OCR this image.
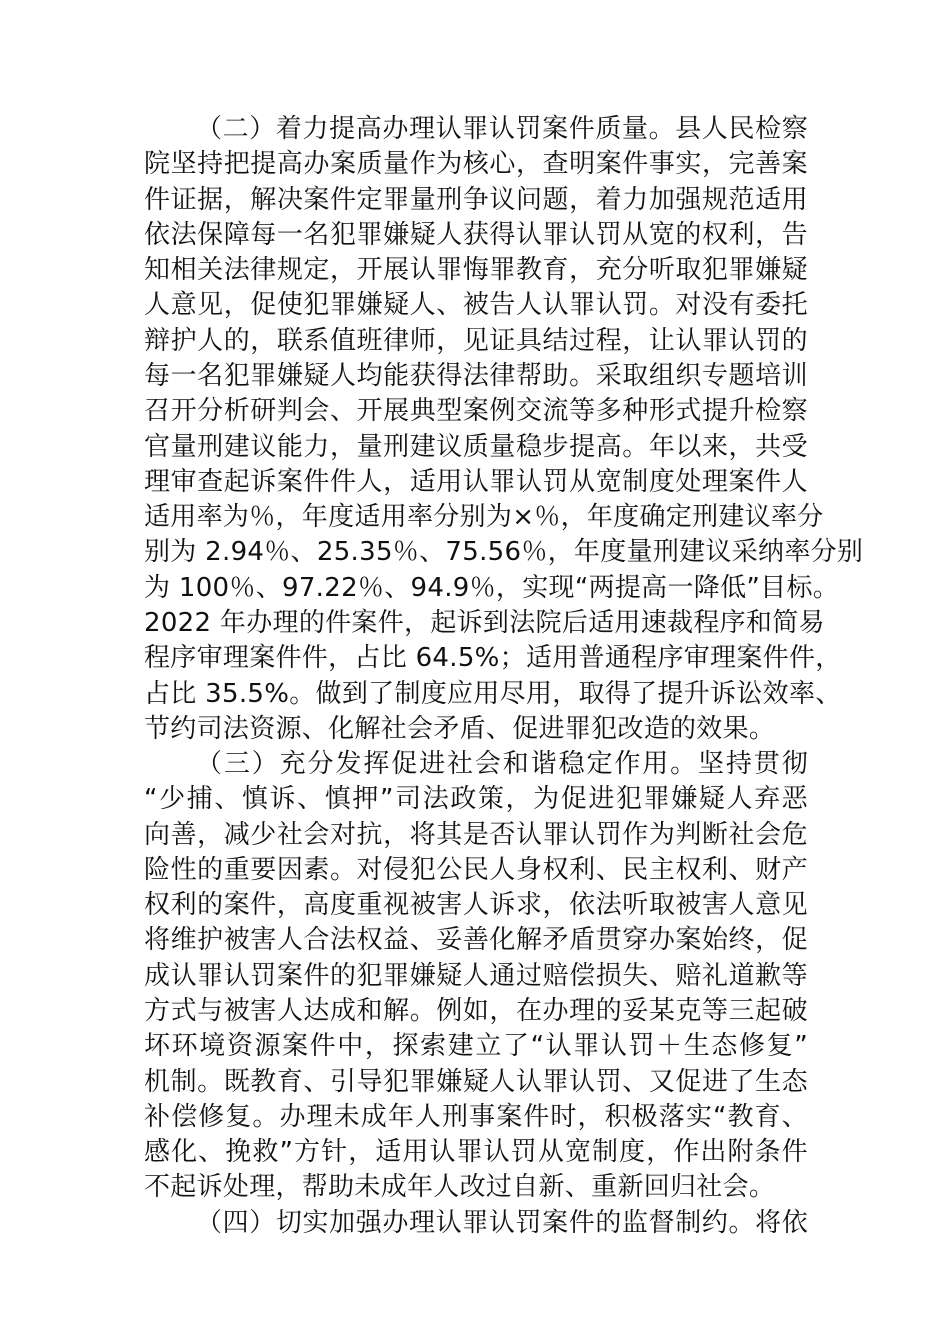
（二）着力提高办理认罪认罚案件质量。县人民检察
院坚持把提高办案质量作为核心，查明案件事实，完善案
件证据，解决案件定罪量刑争议问题，着力加强规范适用
依法保障每一名犯罪嫌疑人获得认罪认罚从宽的权利，告
知相关法律规定，开展认罪悔罪教育，充分听取犯罪嫌疑
人意见，促使犯罪嫌疑人、被告人认罪认罚。对没有委托
辩护人的，联系值班律师，见证具结过程，让认罪认罚的
每一名犯罪嫌疑人均能获得法律帮助。采取组织专题培训
召开分析研判会、开展典型案例交流等多种形式提升检察
官量刑建议能力，量刑建议质量稳步提高。年以来，共受
理审查起诉案件件人，适用认罪认罚从宽制度处理案件人
适用率为％，年度适用率分别为×％，年度确定刑建议率分
别为 2.94％、25.35％、75.56％，年度量刑建议采纳率分别
为 100％、97.22％、94.9％，实现“两提高一降低”目标。
2022 年办理的件案件，起诉到法院后适用速裁程序和简易
程序审理案件件，占比 64.5%；适用普通程序审理案件件，
占比 35.5%。做到了制度应用尽用，取得了提升诉讼效率、
节约司法资源、化解社会矛盾、促进罪犯改造的效果。
（三）充分发挥促进社会和谐稳定作用。坚持贯彻
“少捕、慎诉、慎押”司法政策，为促进犯罪嫌疑人弃恶
向善，减少社会对抗，将其是否认罪认罚作为判断社会危
险性的重要因素。对侵犯公民人身权利、民主权利、财产
权利的案件，高度重视被害人诉求，依法听取被害人意见
将维护被害人合法权益、妥善化解矛盾贯穿办案始终，促
成认罪认罚案件的犯罪嫌疑人通过赔偿损失、赔礼道歉等
方式与被害人达成和解。例如，在办理的妥某克等三起破
坏环境资源案件中，探索建立了“认罪认罚＋生态修复”
机制。既教育、引导犯罪嫌疑人认罪认罚、又促进了生态
补偿修复。办理未成年人刑事案件时，积极落实“教育、
感化、挽救”方针，适用认罪认罚从宽制度，作出附条件
不起诉处理，帮助未成年人改过自新、重新回归社会。
（四）切实加强办理认罪认罚案件的监督制约。将依
